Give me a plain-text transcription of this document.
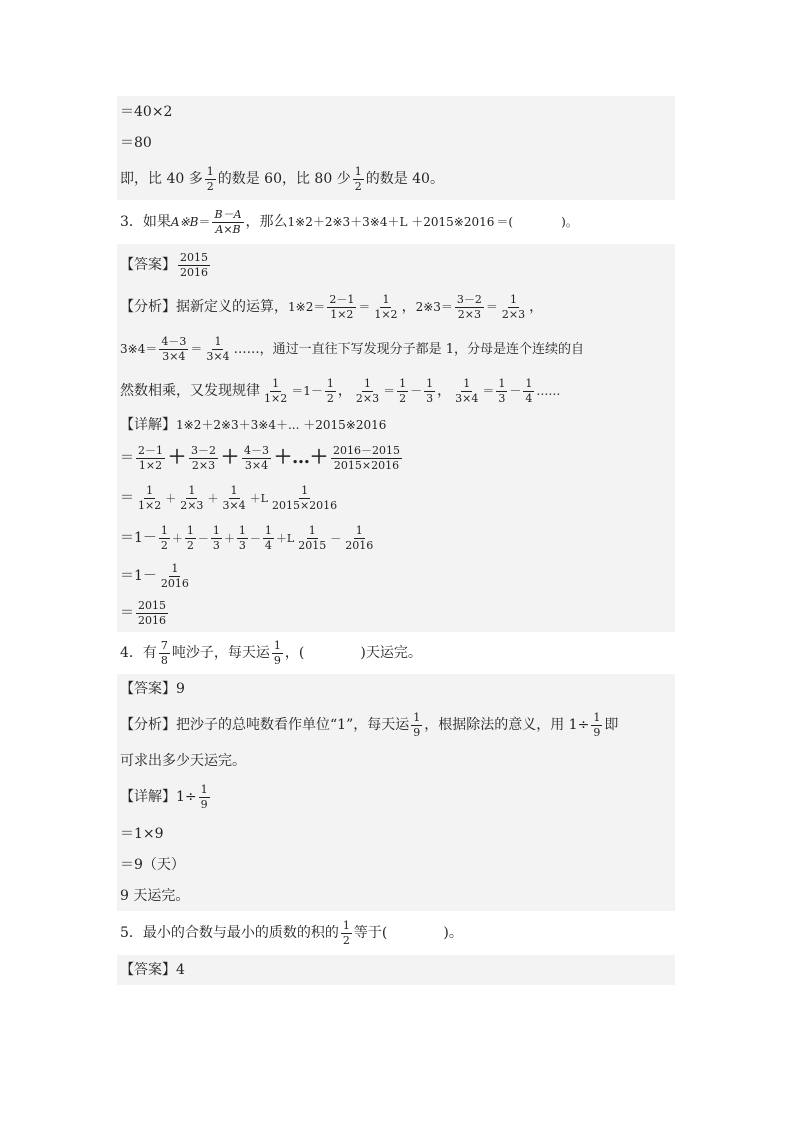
＝40×2
＝80
即，比 40 多 $\frac{1}{2}$ 的数是 60，比 80 少 $\frac{1}{2}$ 的数是 40。
3．如果 A※B ＝ $\frac{B-A}{A\times B}$ ，那么 1※2＋2※3＋3※4＋L ＋2015※2016 ＝(　　　　)。
【答案】 $\frac{2015}{2016}$
【分析】 据新定义的运算， 1※2＝ $\frac{2-1}{1\times 2} = \frac{1}{1\times 2}$ ， 2※3＝ $\frac{3-2}{2\times 3} = \frac{1}{2\times 3}$ ，
3※4＝ $\frac{4-3}{3\times 4} = \frac{1}{3\times 4}$ ……，通过一直往下写发现分子都是 1，分母是连个连续的自
然数相乘，又发现规律 $\frac{1}{1\times 2} = 1- \frac{1}{2}$ ， $\frac{1}{2\times 3} = \frac{1}{2} - \frac{1}{3}$ ， $\frac{1}{3\times 4} = \frac{1}{3} - \frac{1}{4}$ ……
【详解】 1※2＋2※3＋3※4＋... ＋2015※2016
＝ $\frac{2-1}{1\times 2} + \frac{3-2}{2\times 3} + \frac{4-3}{3\times 4}$ ＋…＋ $\frac{2016-2015}{2015\times 2016}$
＝ $\frac{1}{1\times 2} + \frac{1}{2\times 3} + \frac{1}{3\times 4} +L \frac{1}{2015\times 2016}$
$=1- \frac{1}{2} + \frac{1}{2} - \frac{1}{3} + \frac{1}{3} - \frac{1}{4} +L \frac{1}{2015} - \frac{1}{2016}$
$=1- \frac{1}{2016}$
＝ $\frac{2015}{2016}$
4．有 $\frac{7}{8}$ 吨沙子，每天运 $\frac{1}{9}$ ，(　　　　)天运完。
【答案】 9
【分析】 把沙子的总吨数看作单位“1”，每天运 $\frac{1}{9}$ ，根据除法的意义，用 $1\div \frac{1}{9}$ 即
可求出多少天运完。
【详解】 $1\div \frac{1}{9}$
＝1×9
＝9（天）
9 天运完。
5．最小的合数与最小的质数的积的 $\frac{1}{2}$ 等于(　　　　)。
【答案】 4
